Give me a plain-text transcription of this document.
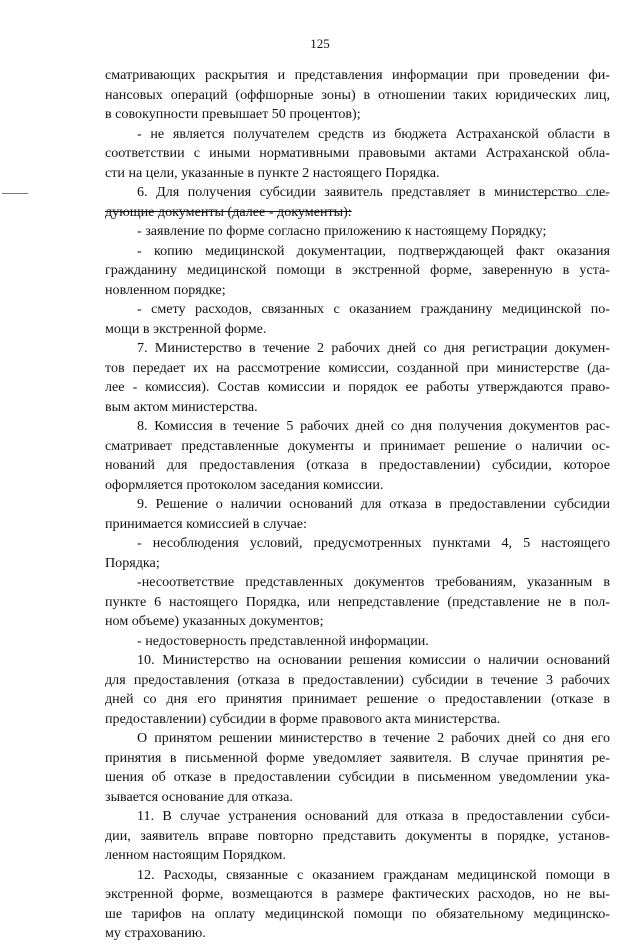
125
сматривающих раскрытия и представления информации при проведении фи-
нансовых операций (оффшорные зоны) в отношении таких юридических лиц,
в совокупности превышает 50 процентов);
- не является получателем средств из бюджета Астраханской области в
соответствии с иными нормативными правовыми актами Астраханской обла-
сти на цели, указанные в пункте 2 настоящего Порядка.
6. Для получения субсидии заявитель представляет в министерство сле-
дующие документы (далее - документы):
- заявление по форме согласно приложению к настоящему Порядку;
- копию медицинской документации, подтверждающей факт оказания
гражданину медицинской помощи в экстренной форме, заверенную в уста-
новленном порядке;
- смету расходов, связанных с оказанием гражданину медицинской по-
мощи в экстренной форме.
7. Министерство в течение 2 рабочих дней со дня регистрации докумен-
тов передает их на рассмотрение комиссии, созданной при министерстве (да-
лее - комиссия). Состав комиссии и порядок ее работы утверждаются право-
вым актом министерства.
8. Комиссия в течение 5 рабочих дней со дня получения документов рас-
сматривает представленные документы и принимает решение о наличии ос-
нований для предоставления (отказа в предоставлении) субсидии, которое
оформляется протоколом заседания комиссии.
9. Решение о наличии оснований для отказа в предоставлении субсидии
принимается комиссией в случае:
- несоблюдения условий, предусмотренных пунктами 4, 5 настоящего
Порядка;
-несоответствие представленных документов требованиям, указанным в
пункте 6 настоящего Порядка, или непредставление (представление не в пол-
ном объеме) указанных документов;
- недостоверность представленной информации.
10. Министерство на основании решения комиссии о наличии оснований
для предоставления (отказа в предоставлении) субсидии в течение 3 рабочих
дней со дня его принятия принимает решение о предоставлении (отказе в
предоставлении) субсидии в форме правового акта министерства.
О принятом решении министерство в течение 2 рабочих дней со дня его
принятия в письменной форме уведомляет заявителя. В случае принятия ре-
шения об отказе в предоставлении субсидии в письменном уведомлении ука-
зывается основание для отказа.
11. В случае устранения оснований для отказа в предоставлении субси-
дии, заявитель вправе повторно представить документы в порядке, установ-
ленном настоящим Порядком.
12. Расходы, связанные с оказанием гражданам медицинской помощи в
экстренной форме, возмещаются в размере фактических расходов, но не вы-
ше тарифов на оплату медицинской помощи по обязательному медицинско-
му страхованию.
